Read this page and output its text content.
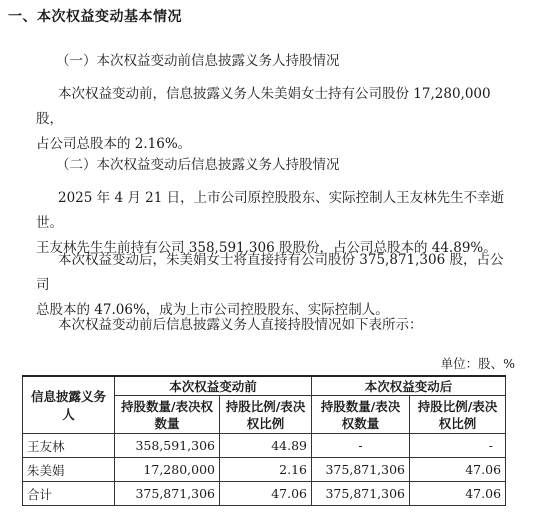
一、本次权益变动基本情况
（一）本次权益变动前信息披露义务人持股情况

本次权益变动前，信息披露义务人朱美娟女士持有公司股份 17,280,000 股，
占公司总股本的 2.16%。

（二）本次权益变动后信息披露义务人持股情况

2025 年 4 月 21 日，上市公司原控股股东、实际控制人王友林先生不幸逝世。
王友林先生生前持有公司 358,591,306 股股份，占公司总股本的 44.89%。

本次权益变动后，朱美娟女士将直接持有公司股份 375,871,306 股，占公司
总股本的 47.06%，成为上市公司控股股东、实际控制人。

本次权益变动前后信息披露义务人直接持股情况如下表所示：

单位：股、%
信息披露义务人	本次权益变动前		本次权益变动后	
	持股数量/表决权数量	持股比例/表决权比例	持股数量/表决权数量	持股比例/表决权比例
王友林	358,591,306	44.89	-	-
朱美娟	17,280,000	2.16	375,871,306	47.06
合计	375,871,306	47.06	375,871,306	47.06
